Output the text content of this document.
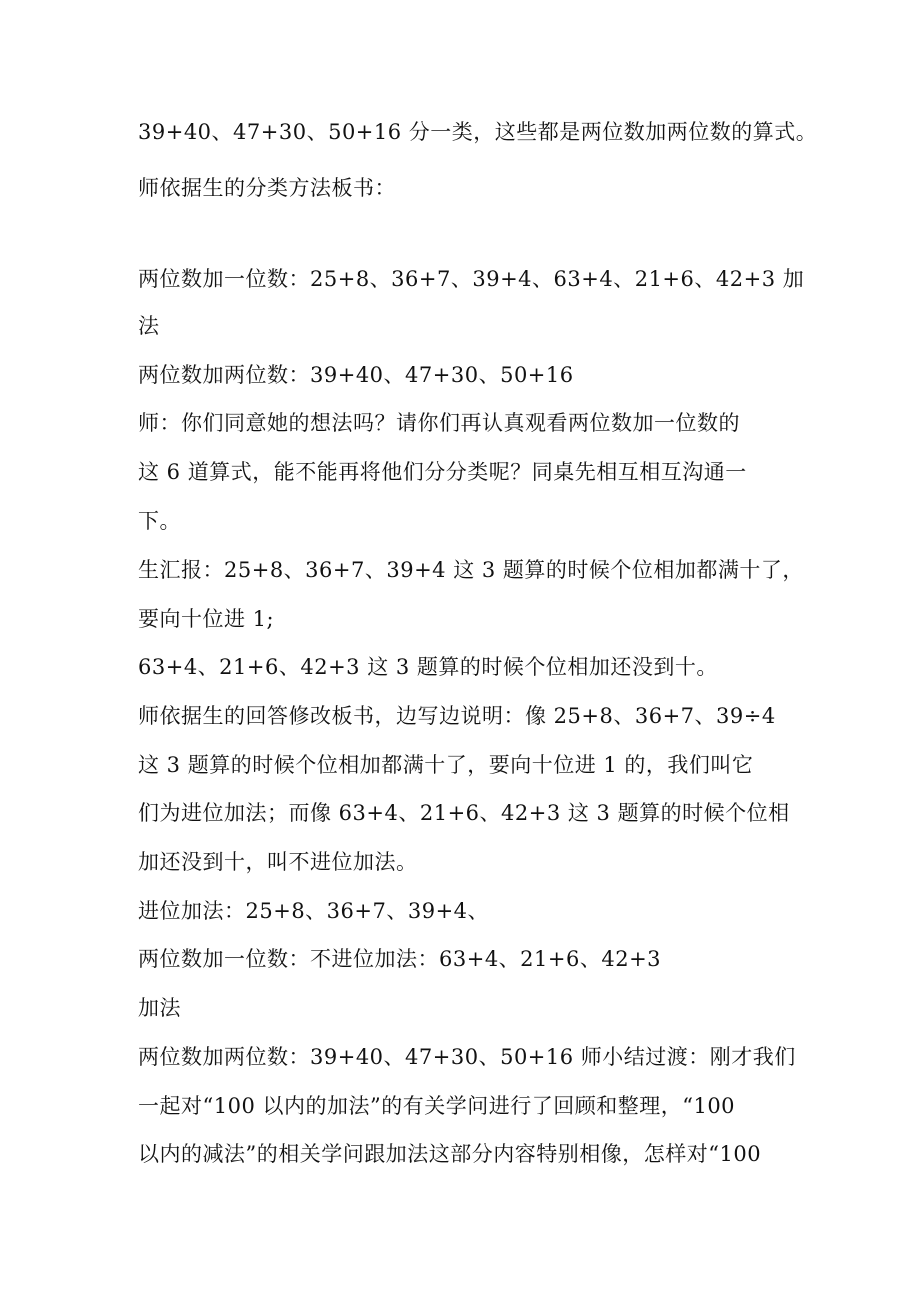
39+40、47+30、50+16 分一类，这些都是两位数加两位数的算式。
师依据生的分类方法板书：
两位数加一位数：25+8、36+7、39+4、63+4、21+6、42+3 加
法
两位数加两位数：39+40、47+30、50+16
师：你们同意她的想法吗？请你们再认真观看两位数加一位数的
这 6 道算式，能不能再将他们分分类呢？同桌先相互相互沟通一
下。
生汇报：25+8、36+7、39+4 这 3 题算的时候个位相加都满十了，
要向十位进 1;
63+4、21+6、42+3 这 3 题算的时候个位相加还没到十。
师依据生的回答修改板书，边写边说明：像 25+8、36+7、39÷4
这 3 题算的时候个位相加都满十了，要向十位进 1 的，我们叫它
们为进位加法；而像 63+4、21+6、42+3 这 3 题算的时候个位相
加还没到十，叫不进位加法。
进位加法：25+8、36+7、39+4、
两位数加一位数：不进位加法：63+4、21+6、42+3
加法
两位数加两位数：39+40、47+30、50+16 师小结过渡：刚才我们
一起对“100 以内的加法”的有关学问进行了回顾和整理，“100
以内的减法”的相关学问跟加法这部分内容特别相像，怎样对“100
